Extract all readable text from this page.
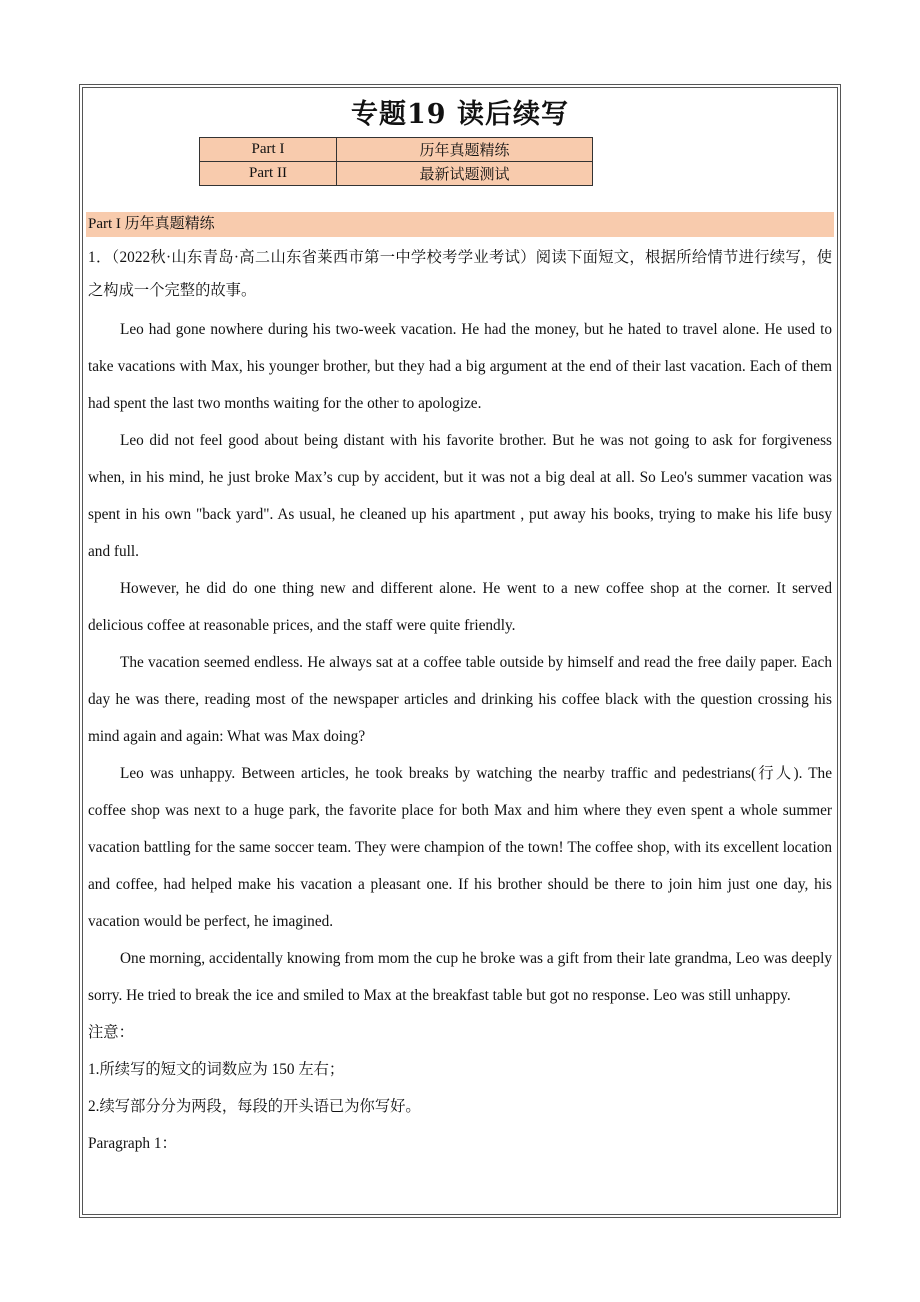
专题19 读后续写
Part I	历年真题精练
Part II	最新试题测试
Part I 历年真题精练

1．（2022秋·山东青岛·高二山东省莱西市第一中学校考学业考试）阅读下面短文，根据所给情节进行续写，使之构成一个完整的故事。

Leo had gone nowhere during his two-week vacation. He had the money, but he hated to travel alone. He used to take vacations with Max, his younger brother, but they had a big argument at the end of their last vacation. Each of them had spent the last two months waiting for the other to apologize.

Leo did not feel good about being distant with his favorite brother. But he was not going to ask for forgiveness when, in his mind, he just broke Max’s cup by accident, but it was not a big deal at all. So Leo's summer vacation was spent in his own "back yard". As usual, he cleaned up his apartment , put away his books, trying to make his life busy and full.

However, he did do one thing new and different alone. He went to a new coffee shop at the corner. It served delicious coffee at reasonable prices, and the staff were quite friendly.

The vacation seemed endless. He always sat at a coffee table outside by himself and read the free daily paper. Each day he was there, reading most of the newspaper articles and drinking his coffee black with the question crossing his mind again and again: What was Max doing?

Leo was unhappy. Between articles, he took breaks by watching the nearby traffic and pedestrians(行人). The coffee shop was next to a huge park, the favorite place for both Max and him where they even spent a whole summer vacation battling for the same soccer team. They were champion of the town! The coffee shop, with its excellent location and coffee, had helped make his vacation a pleasant one. If his brother should be there to join him just one day, his vacation would be perfect, he imagined.

One morning, accidentally knowing from mom the cup he broke was a gift from their late grandma, Leo was deeply sorry. He tried to break the ice and smiled to Max at the breakfast table but got no response. Leo was still unhappy.

注意：

1.所续写的短文的词数应为 150 左右；

2.续写部分分为两段，每段的开头语已为你写好。

Paragraph 1：
